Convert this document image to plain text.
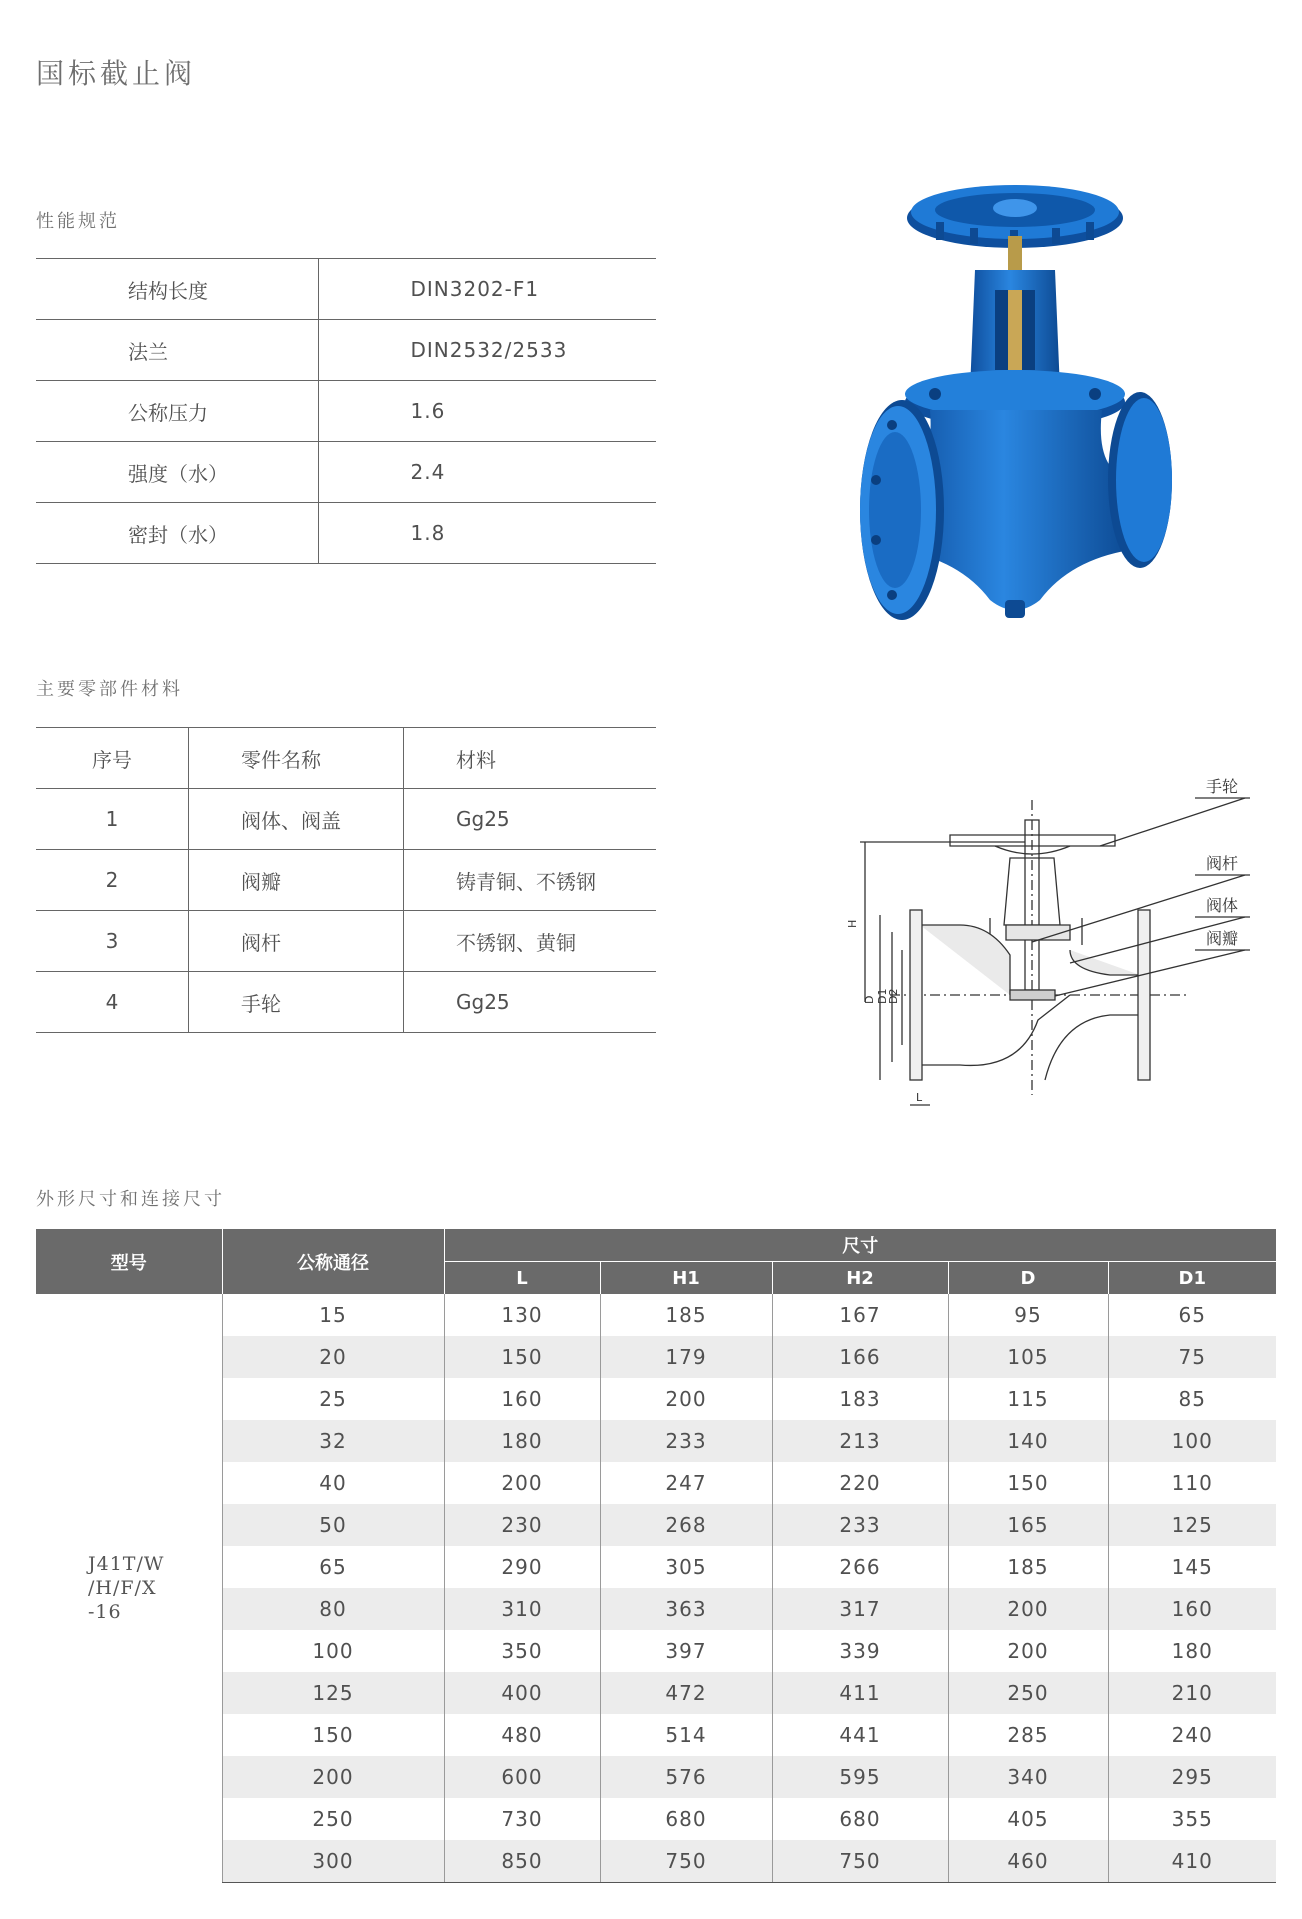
国标截止阀
性能规范
结构长度	DIN3202-F1
法兰	DIN2532/2533
公称压力	1.6
强度（水）	2.4
密封（水）	1.8
主要零部件材料
序号	零件名称	材料
1	阀体、阀盖	Gg25
2	阀瓣	铸青铜、不锈钢
3	阀杆	不锈钢、黄铜
4	手轮	Gg25
手轮
阀杆
阀体
阀瓣
H
D D1
D2
L
外形尺寸和连接尺寸
型号	公称通径	尺寸				
		L	H1	H2	D	D1

J41T/W
/H/F/X
-16	15	130	185	167	95	65
	20	150	179	166	105	75
	25	160	200	183	115	85
	32	180	233	213	140	100
	40	200	247	220	150	110
	50	230	268	233	165	125
	65	290	305	266	185	145
	80	310	363	317	200	160
	100	350	397	339	200	180
	125	400	472	411	250	210
	150	480	514	441	285	240
	200	600	576	595	340	295
	250	730	680	680	405	355
	300	850	750	750	460	410
